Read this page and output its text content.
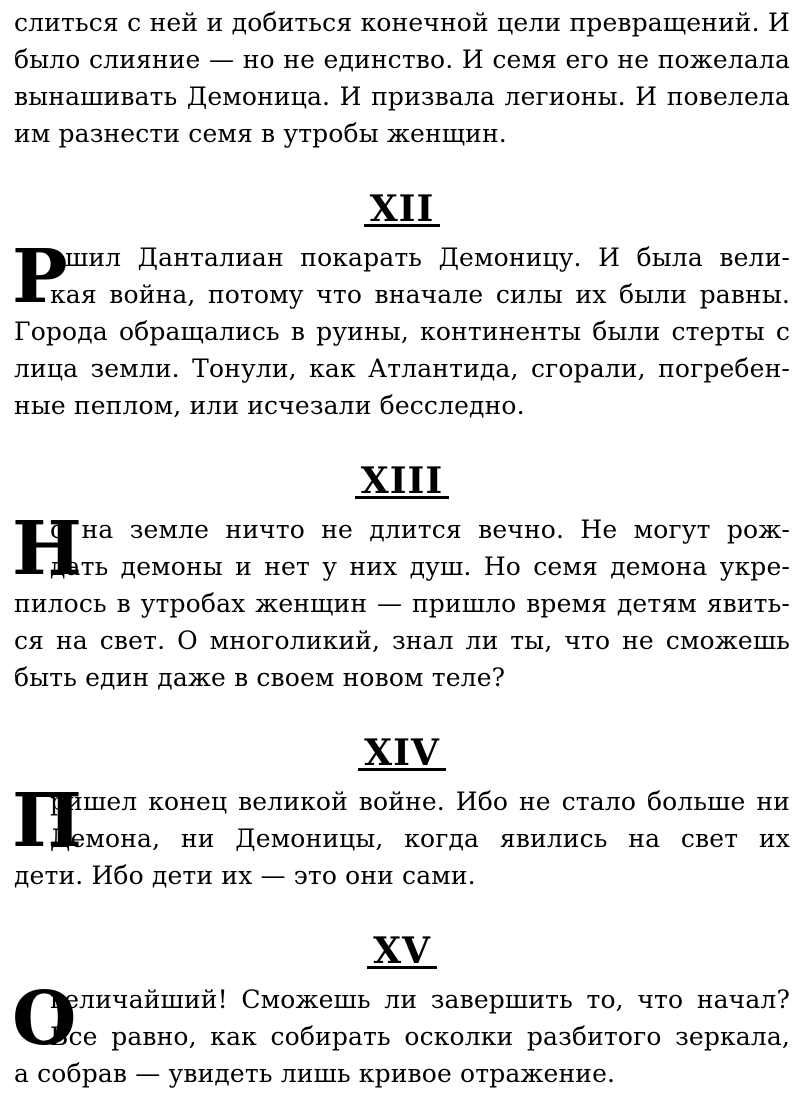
слиться с ней и добиться конечной цели превращений. И
было слияние — но не единство. И семя его не пожелала
вынашивать Демоница. И призвала легионы. И повелела
им разнести семя в утробы женщин.
XII
Р
ешил Данталиан покарать Демоницу. И была вели-
кая война, потому что вначале силы их были равны.
Города обращались в руины, континенты были стерты с
лица земли. Тонули, как Атлантида, сгорали, погребен-
ные пеплом, или исчезали бесследно.
XIII
Н
о на земле ничто не длится вечно. Не могут рож-
дать демоны и нет у них душ. Но семя демона укре-
пилось в утробах женщин — пришло время детям явить-
ся на свет. О многоликий, знал ли ты, что не сможешь
быть един даже в своем новом теле?
XIV
П
ришел конец великой войне. Ибо не стало больше ни
Демона, ни Демоницы, когда явились на свет их
дети. Ибо дети их — это они сами.
XV
О
величайший! Сможешь ли завершить то, что начал?
Все равно, как собирать осколки разбитого зеркала,
а собрав — увидеть лишь кривое отражение.
